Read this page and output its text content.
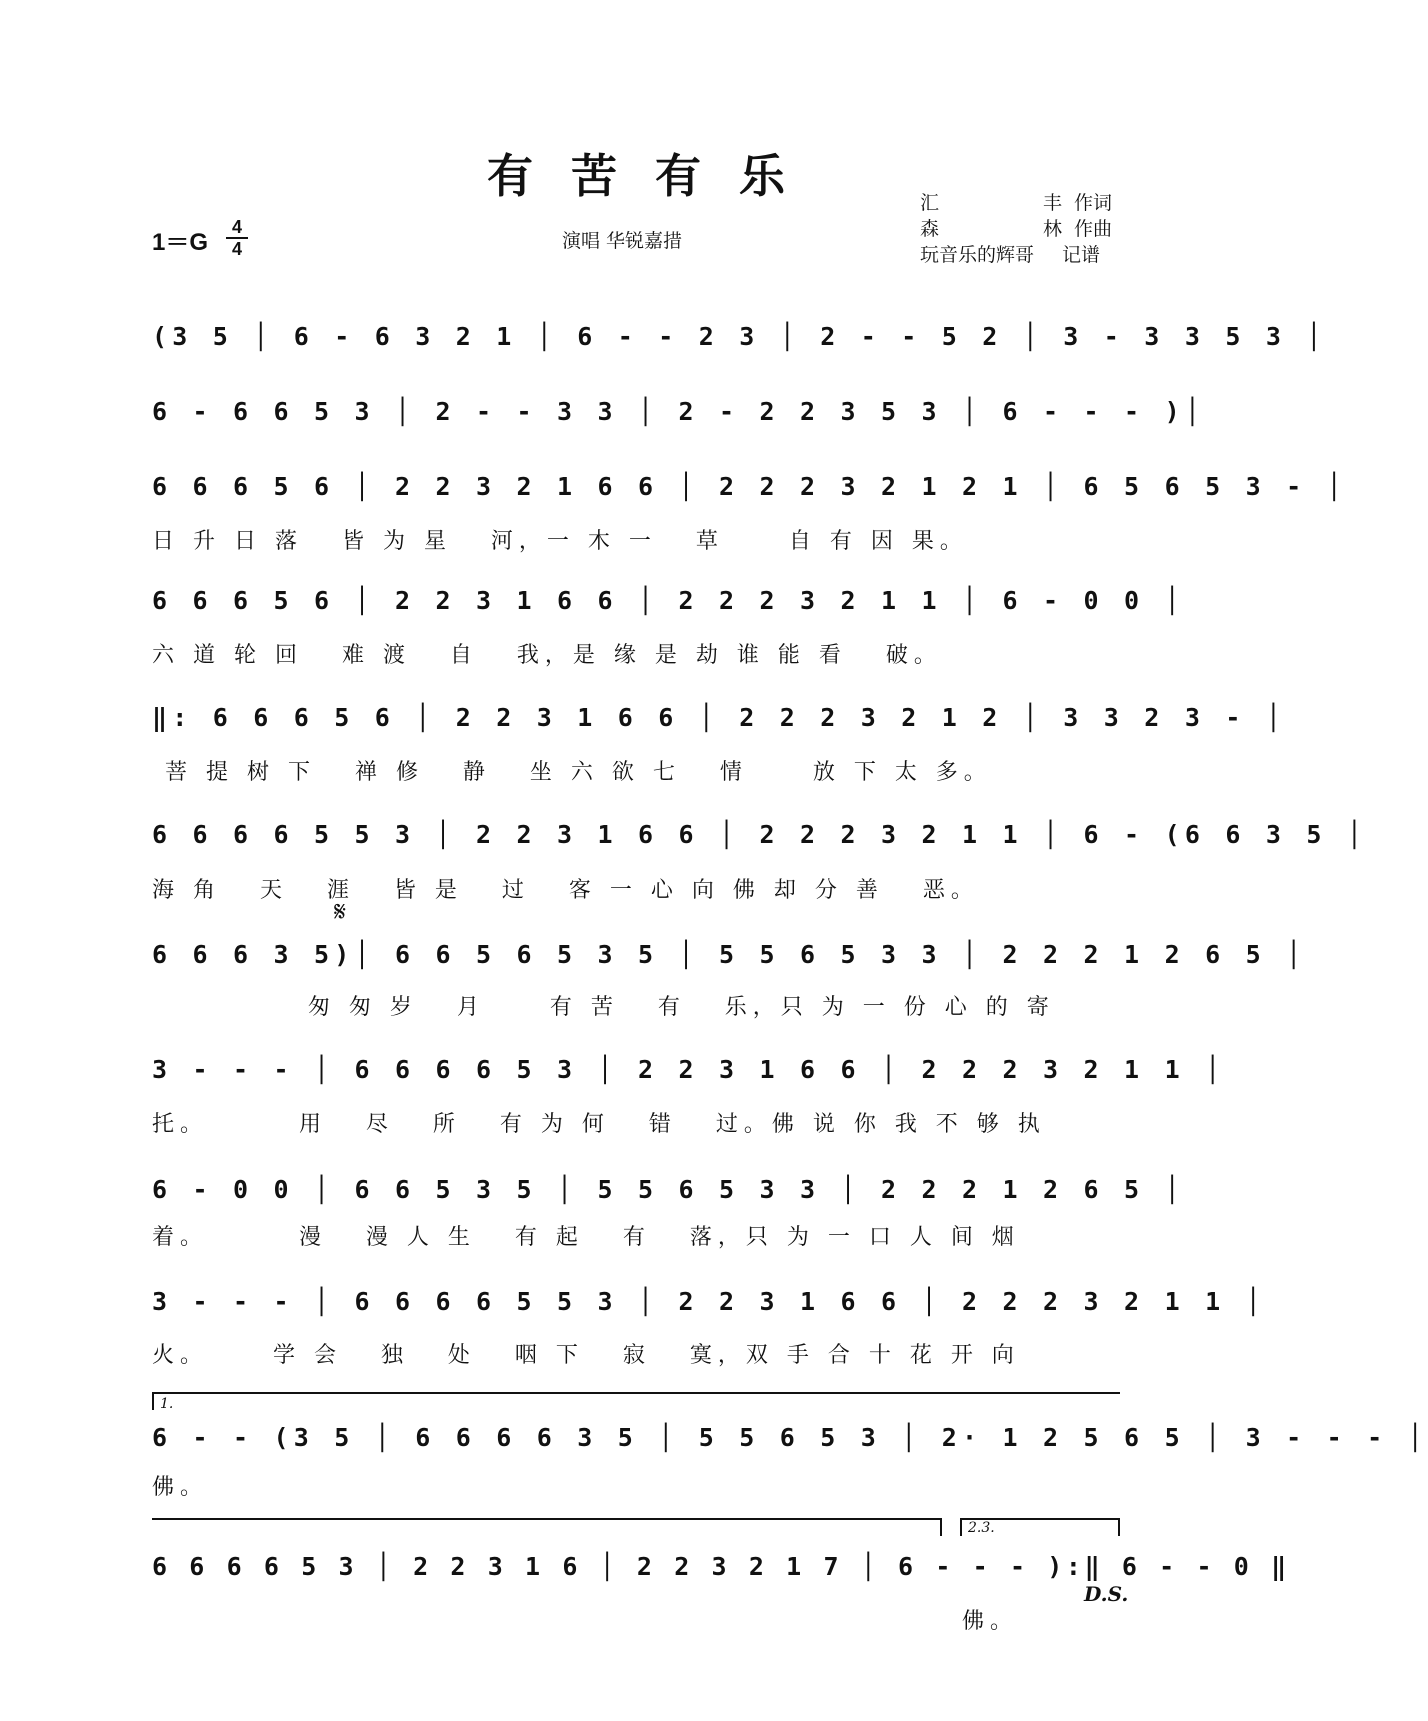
有苦有乐
1＝G
4
4	演唱 华锐嘉措
汇丰 作词
森林 作曲
玩音乐的辉哥 记谱
(3 5 │ 6 - 6 3 2 1 │ 6 - - 2 3 │ 2 - - 5 2 │ 3 - 3 3 5 3 │
6 - 6 6 5 3 │ 2 - - 3 3 │ 2 - 2 2 3 5 3 │ 6 - - - )│
6 6 6 5 6 │ 2 2 3 2 1 6 6 │ 2 2 2 3 2 1 2 1 │ 6 5 6 5 3 - │
日 升 日 落   皆 为 星   河，一 木 一   草     自 有 因 果。
6 6 6 5 6 │ 2 2 3 1 6 6 │ 2 2 2 3 2 1 1 │ 6 - 0 0 │
六 道 轮 回   难 渡   自   我，是 缘 是 劫 谁 能 看   破。
‖: 6 6 6 5 6 │ 2 2 3 1 6 6 │ 2 2 2 3 2 1 2 │ 3 3 2 3 - │
菩 提 树 下   禅 修   静   坐 六 欲 七   情     放 下 太 多。
6 6 6 6 5 5 3 │ 2 2 3 1 6 6 │ 2 2 2 3 2 1 1 │ 6 - (6 6 3 5 │
海 角   天   涯   皆 是   过   客 一 心 向 佛 却 分 善   恶。
𝄋
6 6 6 3 5)│ 6 6 5 6 5 3 5 │ 5 5 6 5 3 3 │ 2 2 2 1 2 6 5 │
匆 匆 岁   月     有 苦   有   乐，只 为 一 份 心 的 寄
3 - - - │ 6 6 6 6 5 3 │ 2 2 3 1 6 6 │ 2 2 2 3 2 1 1 │
托。       用   尽   所   有 为 何   错   过。佛 说 你 我 不 够 执
6 - 0 0 │ 6 6 5 3 5 │ 5 5 6 5 3 3 │ 2 2 2 1 2 6 5 │
着。       漫   漫 人 生   有 起   有   落，只 为 一 口 人 间 烟
3 - - - │ 6 6 6 6 5 5 3 │ 2 2 3 1 6 6 │ 2 2 2 3 2 1 1 │
火。     学 会   独   处   咽 下   寂   寞，双 手 合 十 花 开 向
1.
6 - - (3 5 │ 6 6 6 6 3 5 │ 5 5 6 5 3 │ 2· 1 2 5 6 5 │ 3 - - - │
佛。
2.3.
6 6 6 6 5 3 │ 2 2 3 1 6 │ 2 2 3 2 1 7 │ 6 - - - ):‖ 6 - - 0 ‖
佛。
D.S.
